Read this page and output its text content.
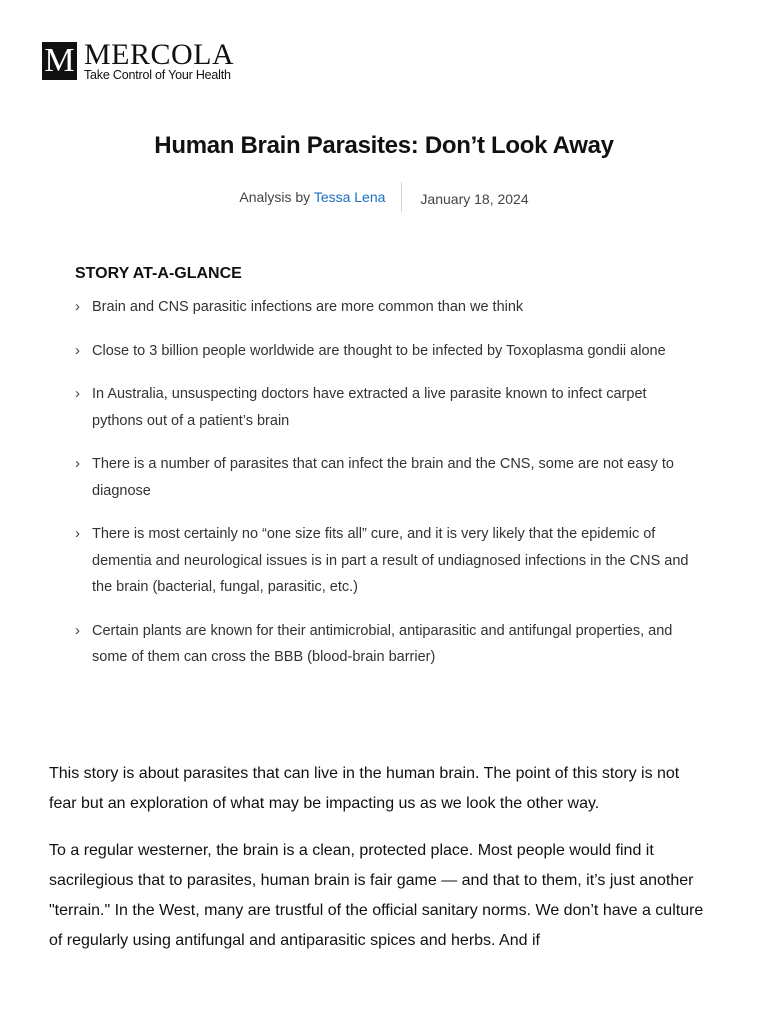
M MERCOLA
Take Control of Your Health
Human Brain Parasites: Don’t Look Away
Analysis by Tessa Lena	January 18, 2024
STORY AT-A-GLANCE
› Brain and CNS parasitic infections are more common than we think
› Close to 3 billion people worldwide are thought to be infected by Toxoplasma gondii alone
› In Australia, unsuspecting doctors have extracted a live parasite known to infect carpet pythons out of a patient’s brain
› There is a number of parasites that can infect the brain and the CNS, some are not easy to diagnose
› There is most certainly no “one size fits all” cure, and it is very likely that the epidemic of dementia and neurological issues is in part a result of undiagnosed infections in the CNS and the brain (bacterial, fungal, parasitic, etc.)
› Certain plants are known for their antimicrobial, antiparasitic and antifungal properties, and some of them can cross the BBB (blood-brain barrier)

This story is about parasites that can live in the human brain. The point of this story is not fear but an exploration of what may be impacting us as we look the other way.

To a regular westerner, the brain is a clean, protected place. Most people would find it sacrilegious that to parasites, human brain is fair game — and that to them, it’s just another "terrain." In the West, many are trustful of the official sanitary norms. We don’t have a culture of regularly using antifungal and antiparasitic spices and herbs. And if
